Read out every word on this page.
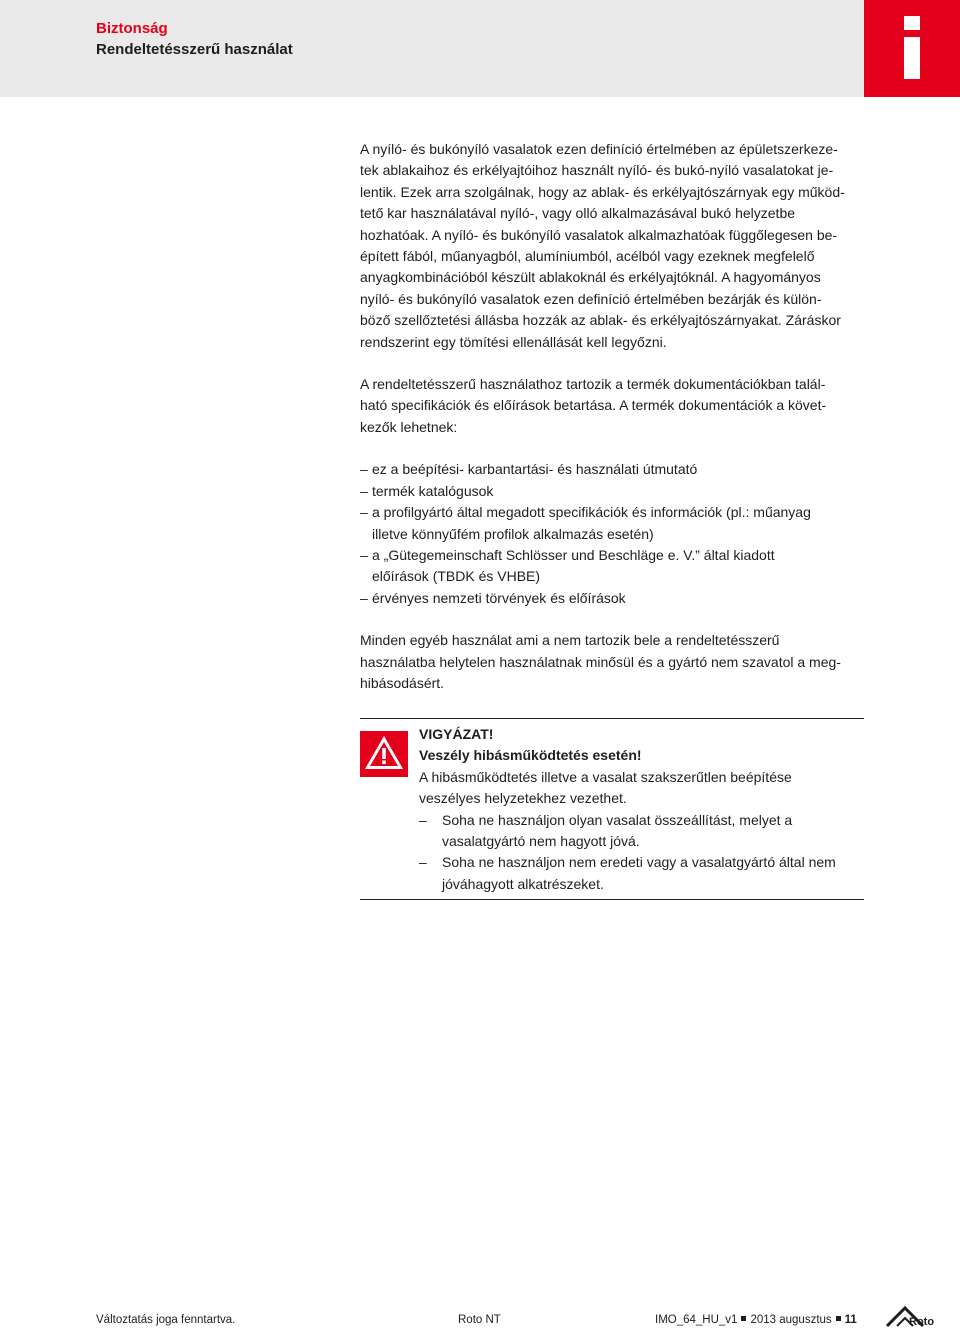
Biztonság
Rendeltetésszerű használat
A nyíló- és bukónyíló vasalatok ezen definíció értelmében az épületszerkeze-
tek ablakaihoz és erkélyajtóihoz használt nyíló- és bukó-nyíló vasalatokat je-
lentik. Ezek arra szolgálnak, hogy az ablak- és erkélyajtószárnyak egy működ-
tető kar használatával nyíló-, vagy olló alkalmazásával bukó helyzetbe
hozhatóak. A nyíló- és bukónyíló vasalatok alkalmazhatóak függőlegesen be-
épített fából, műanyagból, alumíniumból, acélból vagy ezeknek megfelelő
anyagkombinációból készült ablakoknál és erkélyajtóknál. A hagyományos
nyíló- és bukónyíló vasalatok ezen definíció értelmében bezárják és külön-
böző szellőztetési állásba hozzák az ablak- és erkélyajtószárnyakat. Záráskor
rendszerint egy tömítési ellenállását kell legyőzni.
A rendeltetésszerű használathoz tartozik a termék dokumentációkban talál-
ható specifikációk és előírások betartása. A termék dokumentációk a követ-
kezők lehetnek:
– ez a beépítési- karbantartási- és használati útmutató
– termék katalógusok
– a profilgyártó által megadott specifikációk és információk (pl.: műanyag
illetve könnyűfém profilok alkalmazás esetén)
– a „Gütegemeinschaft Schlösser und Beschläge e. V.” által kiadott
előírások (TBDK és VHBE)
– érvényes nemzeti törvények és előírások
Minden egyéb használat ami a nem tartozik bele a rendeltetésszerű
használatba helytelen használatnak minősül és a gyártó nem szavatol a meg-
hibásodásért.
VIGYÁZAT!
Veszély hibásműködtetés esetén!
A hibásműködtetés illetve a vasalat szakszerűtlen beépítése
veszélyes helyzetekhez vezethet.
– Soha ne használjon olyan vasalat összeállítást, melyet a
vasalatgyártó nem hagyott jóvá.
– Soha ne használjon nem eredeti vagy a vasalatgyártó által nem
jóváhagyott alkatrészeket.
Változtatás joga fenntartva.	Roto NT	IMO_64_HU_v1 2013 augusztus 11	Roto
